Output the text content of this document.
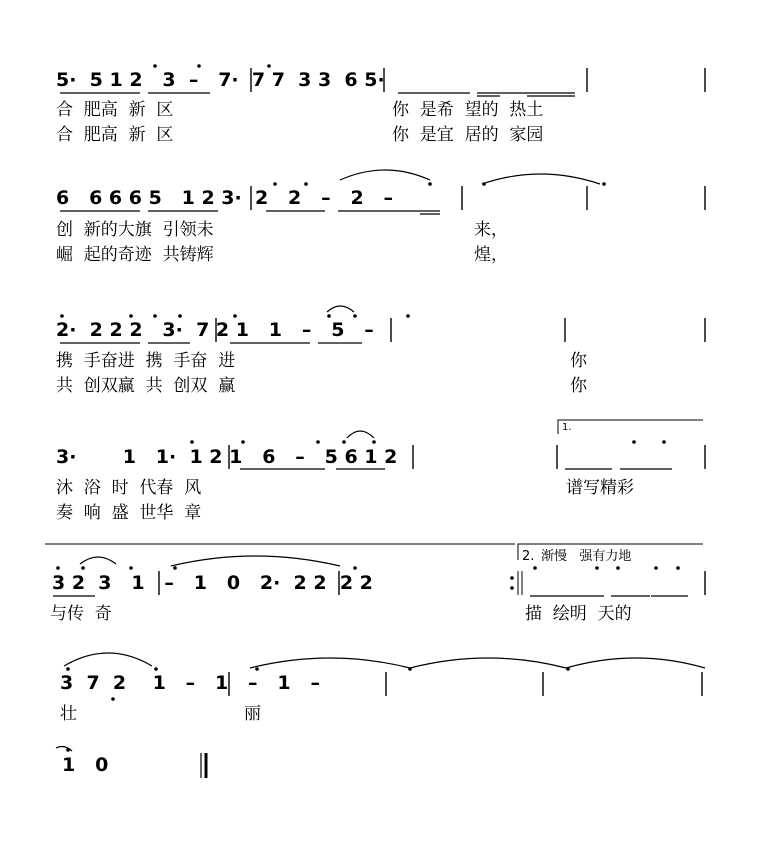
5·  5 1 2   3  –   7·  7 7  3 3  6 5·
合  肥高  新  区	你  是希  望的  热土
合  肥高  新  区	你  是宜  居的  家园
6   6 6 6 5   1 2 3·  2   2   –   2   –
创  新的大旗  引领未	来，
崛  起的奇迹  共铸辉	煌，
2·  2 2 2   3·  7 2 1   1   –   5   –
携  手奋进  携  手奋  进	你
共  创双赢  共  创双  赢	你
1.
3·       1   1·  1 2 1   6   –   5 6 1 2
沐  浴  时  代春  风	谱写精彩
奏  响  盛  世华  章
2. 渐慢   强有力地
3 2  3   1   –   1   0   2·  2 2  2 2
与传  奇	描  绘明  天的
3  7  2    1   –   1   –   1   –
壮	丽
1   0
